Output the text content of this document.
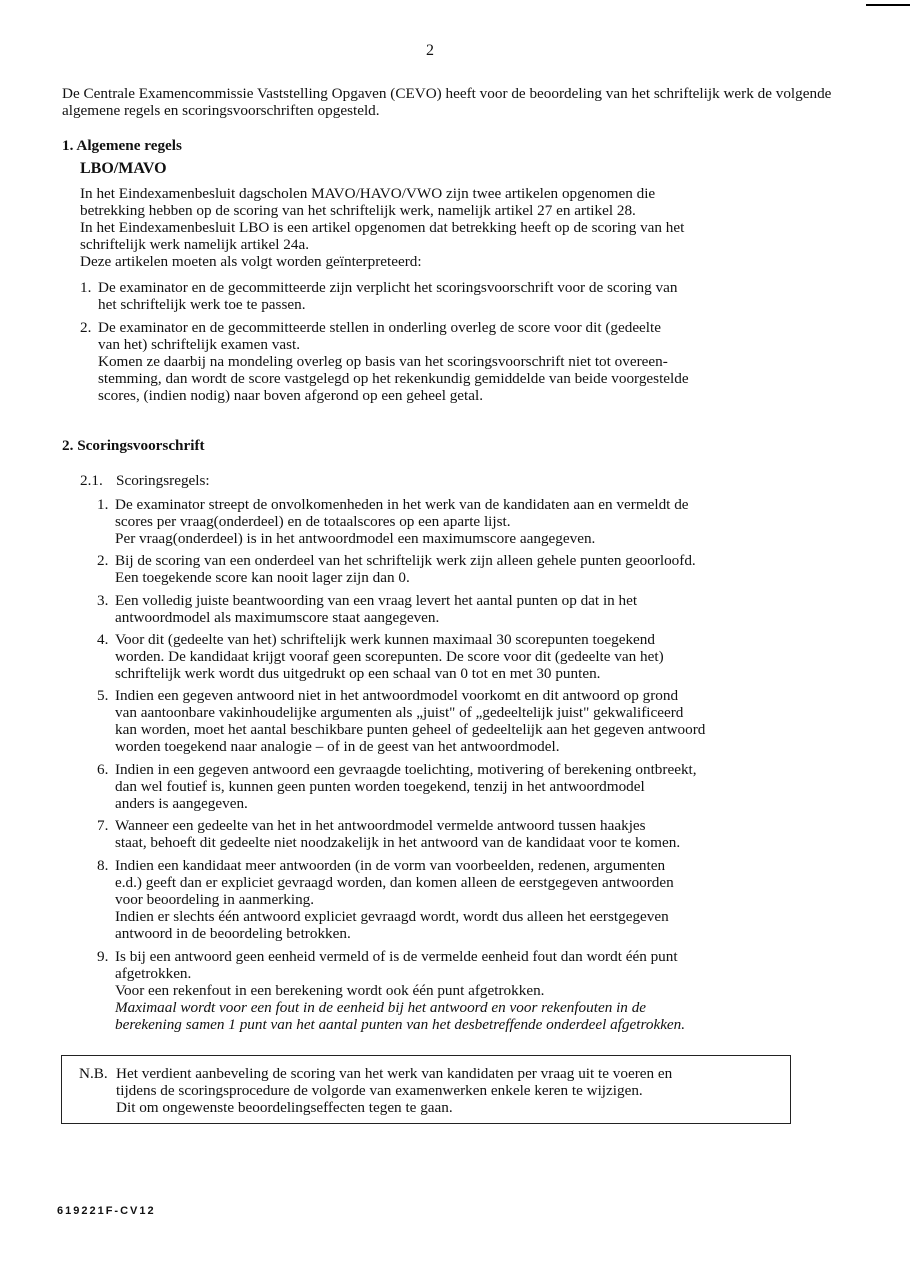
2
De Centrale Examencommissie Vaststelling Opgaven (CEVO) heeft voor de beoordeling van het schriftelijk werk de volgende algemene regels en scoringsvoorschriften opgesteld.
1. Algemene regels
LBO/MAVO
In het Eindexamenbesluit dagscholen MAVO/HAVO/VWO zijn twee artikelen opgenomen die
betrekking hebben op de scoring van het schriftelijk werk, namelijk artikel 27 en artikel 28.
In het Eindexamenbesluit LBO is een artikel opgenomen dat betrekking heeft op de scoring van het
schriftelijk werk namelijk artikel 24a.
Deze artikelen moeten als volgt worden geïnterpreteerd:
1. De examinator en de gecommitteerde zijn verplicht het scoringsvoorschrift voor de scoring van
het schriftelijk werk toe te passen.
2. De examinator en de gecommitteerde stellen in onderling overleg de score voor dit (gedeelte
van het) schriftelijk examen vast.
Komen ze daarbij na mondeling overleg op basis van het scoringsvoorschrift niet tot overeen-
stemming, dan wordt de score vastgelegd op het rekenkundig gemiddelde van beide voorgestelde
scores, (indien nodig) naar boven afgerond op een geheel getal.
2. Scoringsvoorschrift
2.1. Scoringsregels:
1. De examinator streept de onvolkomenheden in het werk van de kandidaten aan en vermeldt de
scores per vraag(onderdeel) en de totaalscores op een aparte lijst.
Per vraag(onderdeel) is in het antwoordmodel een maximumscore aangegeven.
2. Bij de scoring van een onderdeel van het schriftelijk werk zijn alleen gehele punten geoorloofd.
Een toegekende score kan nooit lager zijn dan 0.
3. Een volledig juiste beantwoording van een vraag levert het aantal punten op dat in het
antwoordmodel als maximumscore staat aangegeven.
4. Voor dit (gedeelte van het) schriftelijk werk kunnen maximaal 30 scorepunten toegekend
worden. De kandidaat krijgt vooraf geen scorepunten. De score voor dit (gedeelte van het)
schriftelijk werk wordt dus uitgedrukt op een schaal van 0 tot en met 30 punten.
5. Indien een gegeven antwoord niet in het antwoordmodel voorkomt en dit antwoord op grond
van aantoonbare vakinhoudelijke argumenten als „juist" of „gedeeltelijk juist" gekwalificeerd
kan worden, moet het aantal beschikbare punten geheel of gedeeltelijk aan het gegeven antwoord
worden toegekend naar analogie – of in de geest van het antwoordmodel.
6. Indien in een gegeven antwoord een gevraagde toelichting, motivering of berekening ontbreekt,
dan wel foutief is, kunnen geen punten worden toegekend, tenzij in het antwoordmodel
anders is aangegeven.
7. Wanneer een gedeelte van het in het antwoordmodel vermelde antwoord tussen haakjes
staat, behoeft dit gedeelte niet noodzakelijk in het antwoord van de kandidaat voor te komen.
8. Indien een kandidaat meer antwoorden (in de vorm van voorbeelden, redenen, argumenten
e.d.) geeft dan er expliciet gevraagd worden, dan komen alleen de eerstgegeven antwoorden
voor beoordeling in aanmerking.
Indien er slechts één antwoord expliciet gevraagd wordt, wordt dus alleen het eerstgegeven
antwoord in de beoordeling betrokken.
9. Is bij een antwoord geen eenheid vermeld of is de vermelde eenheid fout dan wordt één punt
afgetrokken.
Voor een rekenfout in een berekening wordt ook één punt afgetrokken.
Maximaal wordt voor een fout in de eenheid bij het antwoord en voor rekenfouten in de
berekening samen 1 punt van het aantal punten van het desbetreffende onderdeel afgetrokken.
N.B. Het verdient aanbeveling de scoring van het werk van kandidaten per vraag uit te voeren en
tijdens de scoringsprocedure de volgorde van examenwerken enkele keren te wijzigen.
Dit om ongewenste beoordelingseffecten tegen te gaan.
619221F-CV12
